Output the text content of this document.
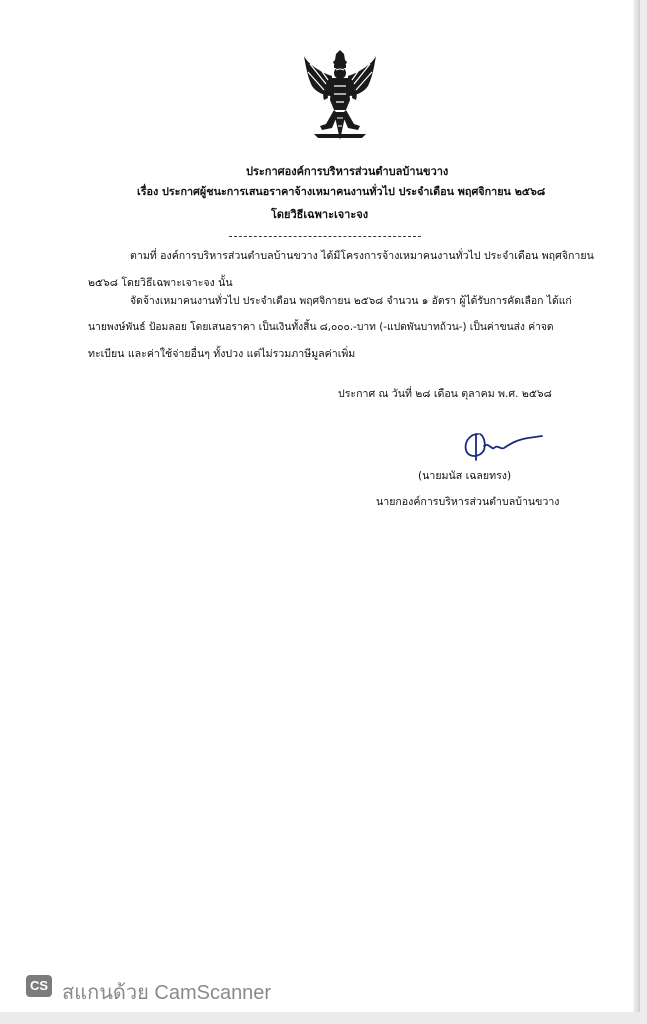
ประกาศองค์การบริหารส่วนตำบลบ้านขวาง
เรื่อง ประกาศผู้ชนะการเสนอราคาจ้างเหมาคนงานทั่วไป ประจำเดือน พฤศจิกายน ๒๕๖๘
โดยวิธีเฉพาะเจาะจง
ตามที่ องค์การบริหารส่วนตำบลบ้านขวาง ได้มีโครงการจ้างเหมาคนงานทั่วไป ประจำเดือน พฤศจิกายน
๒๕๖๘ โดยวิธีเฉพาะเจาะจง นั้น
จัดจ้างเหมาคนงานทั่วไป ประจำเดือน พฤศจิกายน ๒๕๖๘ จำนวน ๑ อัตรา ผู้ได้รับการคัดเลือก ได้แก่
นายพงษ์พันธ์ ป้อมลอย โดยเสนอราคา เป็นเงินทั้งสิ้น ๘,๐๐๐.-บาท (-แปดพันบาทถ้วน-) เป็นค่าขนส่ง ค่าจด
ทะเบียน และค่าใช้จ่ายอื่นๆ ทั้งปวง แต่ไม่รวมภาษีมูลค่าเพิ่ม
ประกาศ ณ วันที่ ๒๘ เดือน ตุลาคม พ.ศ. ๒๕๖๘
(นายมนัส เฉลยทรง)
นายกองค์การบริหารส่วนตำบลบ้านขวาง
CS สแกนด้วย CamScanner
